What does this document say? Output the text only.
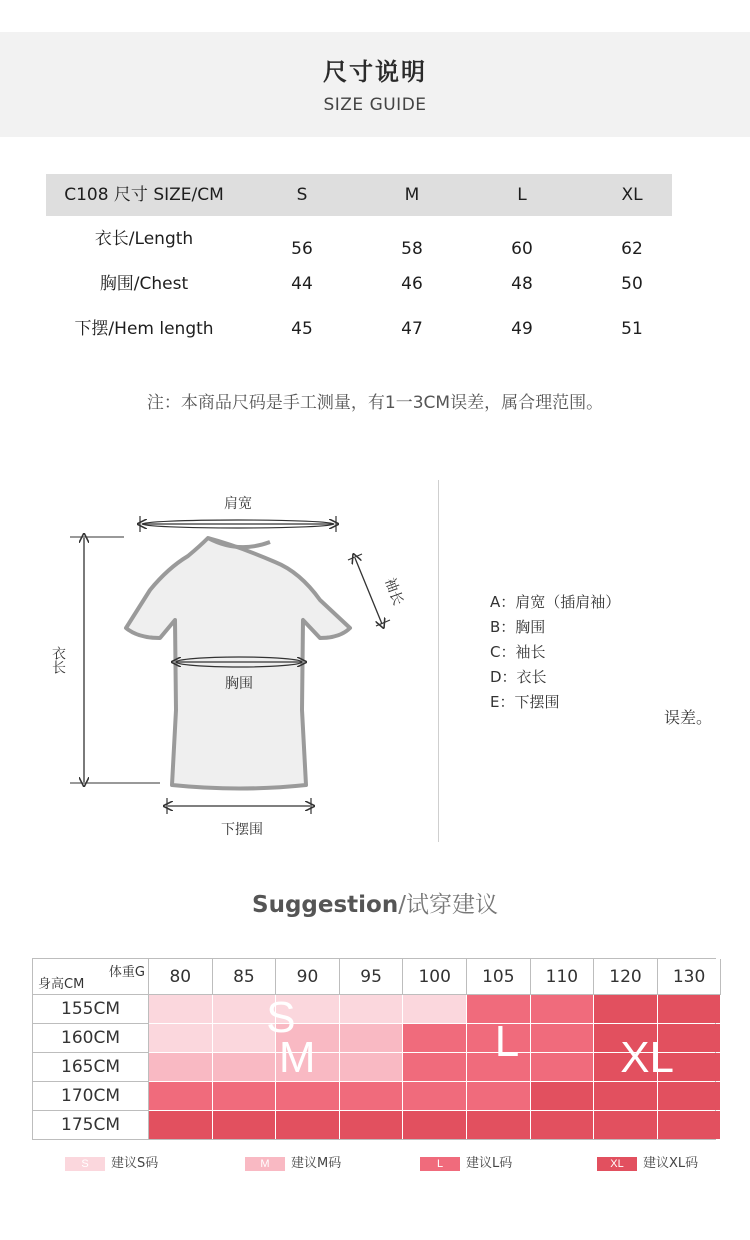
尺寸说明
SIZE GUIDE
C108 尺寸 SIZE/CM	S	M	L	XL
衣长/Length	56	58	60	62
胸围/Chest	44	46	48	50
下摆/Hem length	45	47	49	51
注：本商品尺码是手工测量，有1一3CM误差，属合理范围。
肩宽
袖长
衣长
胸围
下摆围
A：肩宽（插肩袖）
B：胸围
C：袖长
D：衣长
E：下摆围
误差。
Suggestion/试穿建议
体重G
身高CM	80	85	90	95	100	105	110	120	130
155CM
160CM
165CM
170CM
175CM
S
M	L XL
S	建议S码	M	建议M码	L	建议L码	XL	建议XL码
